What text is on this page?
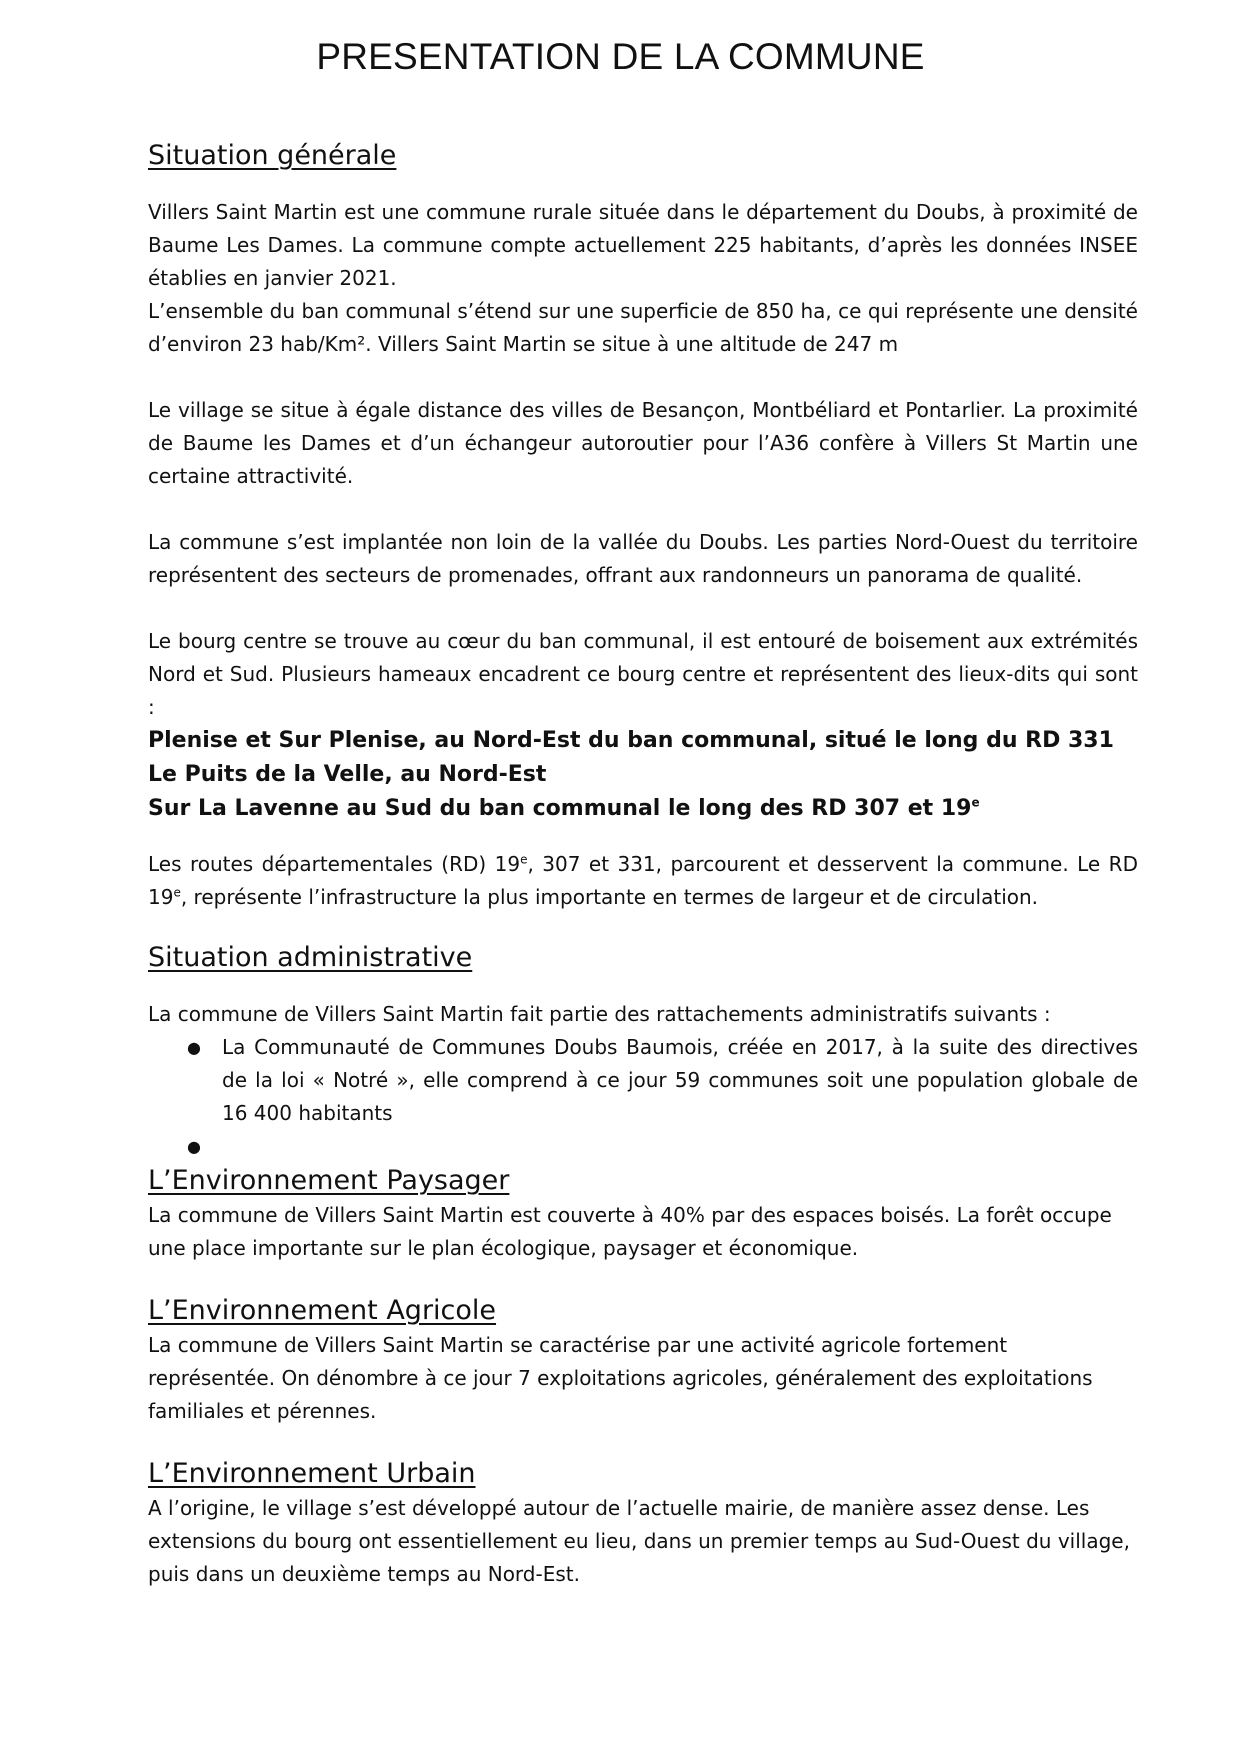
PRESENTATION DE LA COMMUNE
Situation générale

Villers Saint Martin est une commune rurale située dans le département du Doubs, à proximité de Baume Les Dames. La commune compte actuellement 225 habitants, d’après les données INSEE établies en janvier 2021.

L’ensemble du ban communal s’étend sur une superficie de 850 ha, ce qui représente une densité d’environ 23 hab/Km². Villers Saint Martin se situe à une altitude de 247 m

Le village se situe à égale distance des villes de Besançon, Montbéliard et Pontarlier. La proximité de Baume les Dames et d’un échangeur autoroutier pour l’A36 confère à Villers St Martin une certaine attractivité.

La commune s’est implantée non loin de la vallée du Doubs. Les parties Nord-Ouest du territoire représentent des secteurs de promenades, offrant aux randonneurs un panorama de qualité.

Le bourg centre se trouve au cœur du ban communal, il est entouré de boisement aux extrémités Nord et Sud. Plusieurs hameaux encadrent ce bourg centre et représentent des lieux-dits qui sont :

Plenise et Sur Plenise, au Nord-Est du ban communal, situé le long du RD 331
Le Puits de la Velle, au Nord-Est
Sur La Lavenne au Sud du ban communal le long des RD 307 et 19e

Les routes départementales (RD) 19e, 307 et 331, parcourent et desservent la commune. Le RD 19e, représente l’infrastructure la plus importante en termes de largeur et de circulation.

Situation administrative

La commune de Villers Saint Martin fait partie des rattachements administratifs suivants :

● La Communauté de Communes Doubs Baumois, créée en 2017, à la suite des directives de la loi « Notré », elle comprend à ce jour 59 communes soit une population globale de 16 400 habitants
●
L’Environnement Paysager

La commune de Villers Saint Martin est couverte à 40% par des espaces boisés. La forêt occupe une place importante sur le plan écologique, paysager et économique.

L’Environnement Agricole

La commune de Villers Saint Martin se caractérise par une activité agricole fortement représentée. On dénombre à ce jour 7 exploitations agricoles, généralement des exploitations familiales et pérennes.

L’Environnement Urbain

A l’origine, le village s’est développé autour de l’actuelle mairie, de manière assez dense. Les extensions du bourg ont essentiellement eu lieu, dans un premier temps au Sud-Ouest du village, puis dans un deuxième temps au Nord-Est.
